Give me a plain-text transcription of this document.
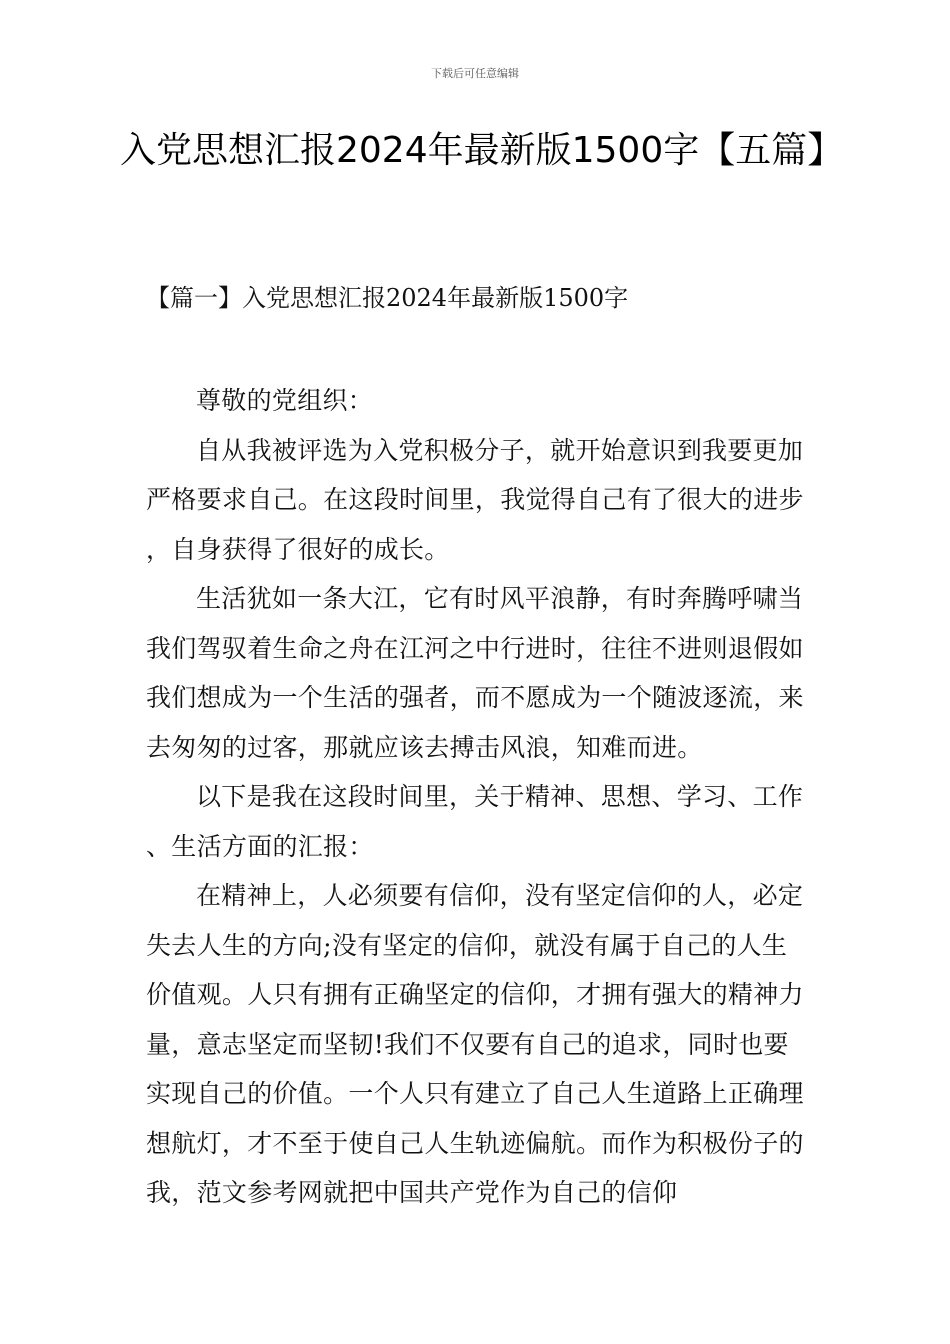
下载后可任意编辑
入党思想汇报2024年最新版1500字【五篇】
【篇一】入党思想汇报2024年最新版1500字

尊敬的党组织：

自从我被评选为入党积极分子，就开始意识到我要更加严格要求自己。在这段时间里，我觉得自己有了很大的进步，自身获得了很好的成长。

生活犹如一条大江，它有时风平浪静，有时奔腾呼啸当我们驾驭着生命之舟在江河之中行进时，往往不进则退假如我们想成为一个生活的强者，而不愿成为一个随波逐流，来去匆匆的过客，那就应该去搏击风浪，知难而进。

以下是我在这段时间里，关于精神、思想、学习、工作、生活方面的汇报：

在精神上，人必须要有信仰，没有坚定信仰的人，必定失去人生的方向;没有坚定的信仰，就没有属于自己的人生价值观。人只有拥有正确坚定的信仰，才拥有强大的精神力量，意志坚定而坚韧!我们不仅要有自己的追求，同时也要实现自己的价值。一个人只有建立了自己人生道路上正确理想航灯，才不至于使自己人生轨迹偏航。而作为积极份子的我，范文参考网就把中国共产党作为自己的信仰
